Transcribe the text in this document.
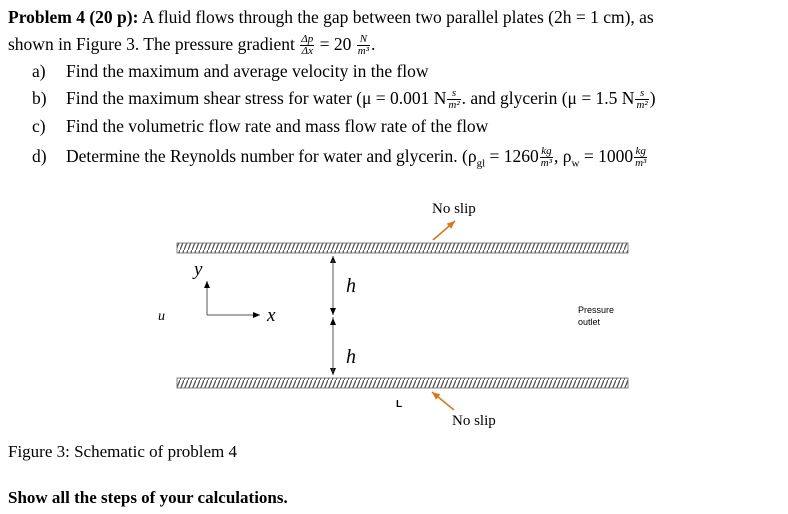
Problem 4 (20 p): A fluid flows through the gap between two parallel plates (2h = 1 cm), as
shown in Figure 3. The pressure gradient $\frac{\Delta p}{\Delta x} = 20 \frac{N}{\text{m³}}$ .
a) Find the maximum and average velocity in the flow
b) Find the maximum shear stress for water (μ = 0.001 N $\frac{s}{\text{m²}}$ . and glycerin (μ = 1.5 N $\frac{s}{\text{m²}}$ )
c) Find the volumetric flow rate and mass flow rate of the flow
d) Determine the Reynolds number for water and glycerin. ($\rho_{gl} = 1260 \frac{kg}{\text{m³}}$ , $\rho_w = 1000 \frac{kg}{\text{m³}}$
No slip
No slip
y
x
h
h
u⃗	Pressure
outlet
L
Figure 3: Schematic of problem 4
Show all the steps of your calculations.
